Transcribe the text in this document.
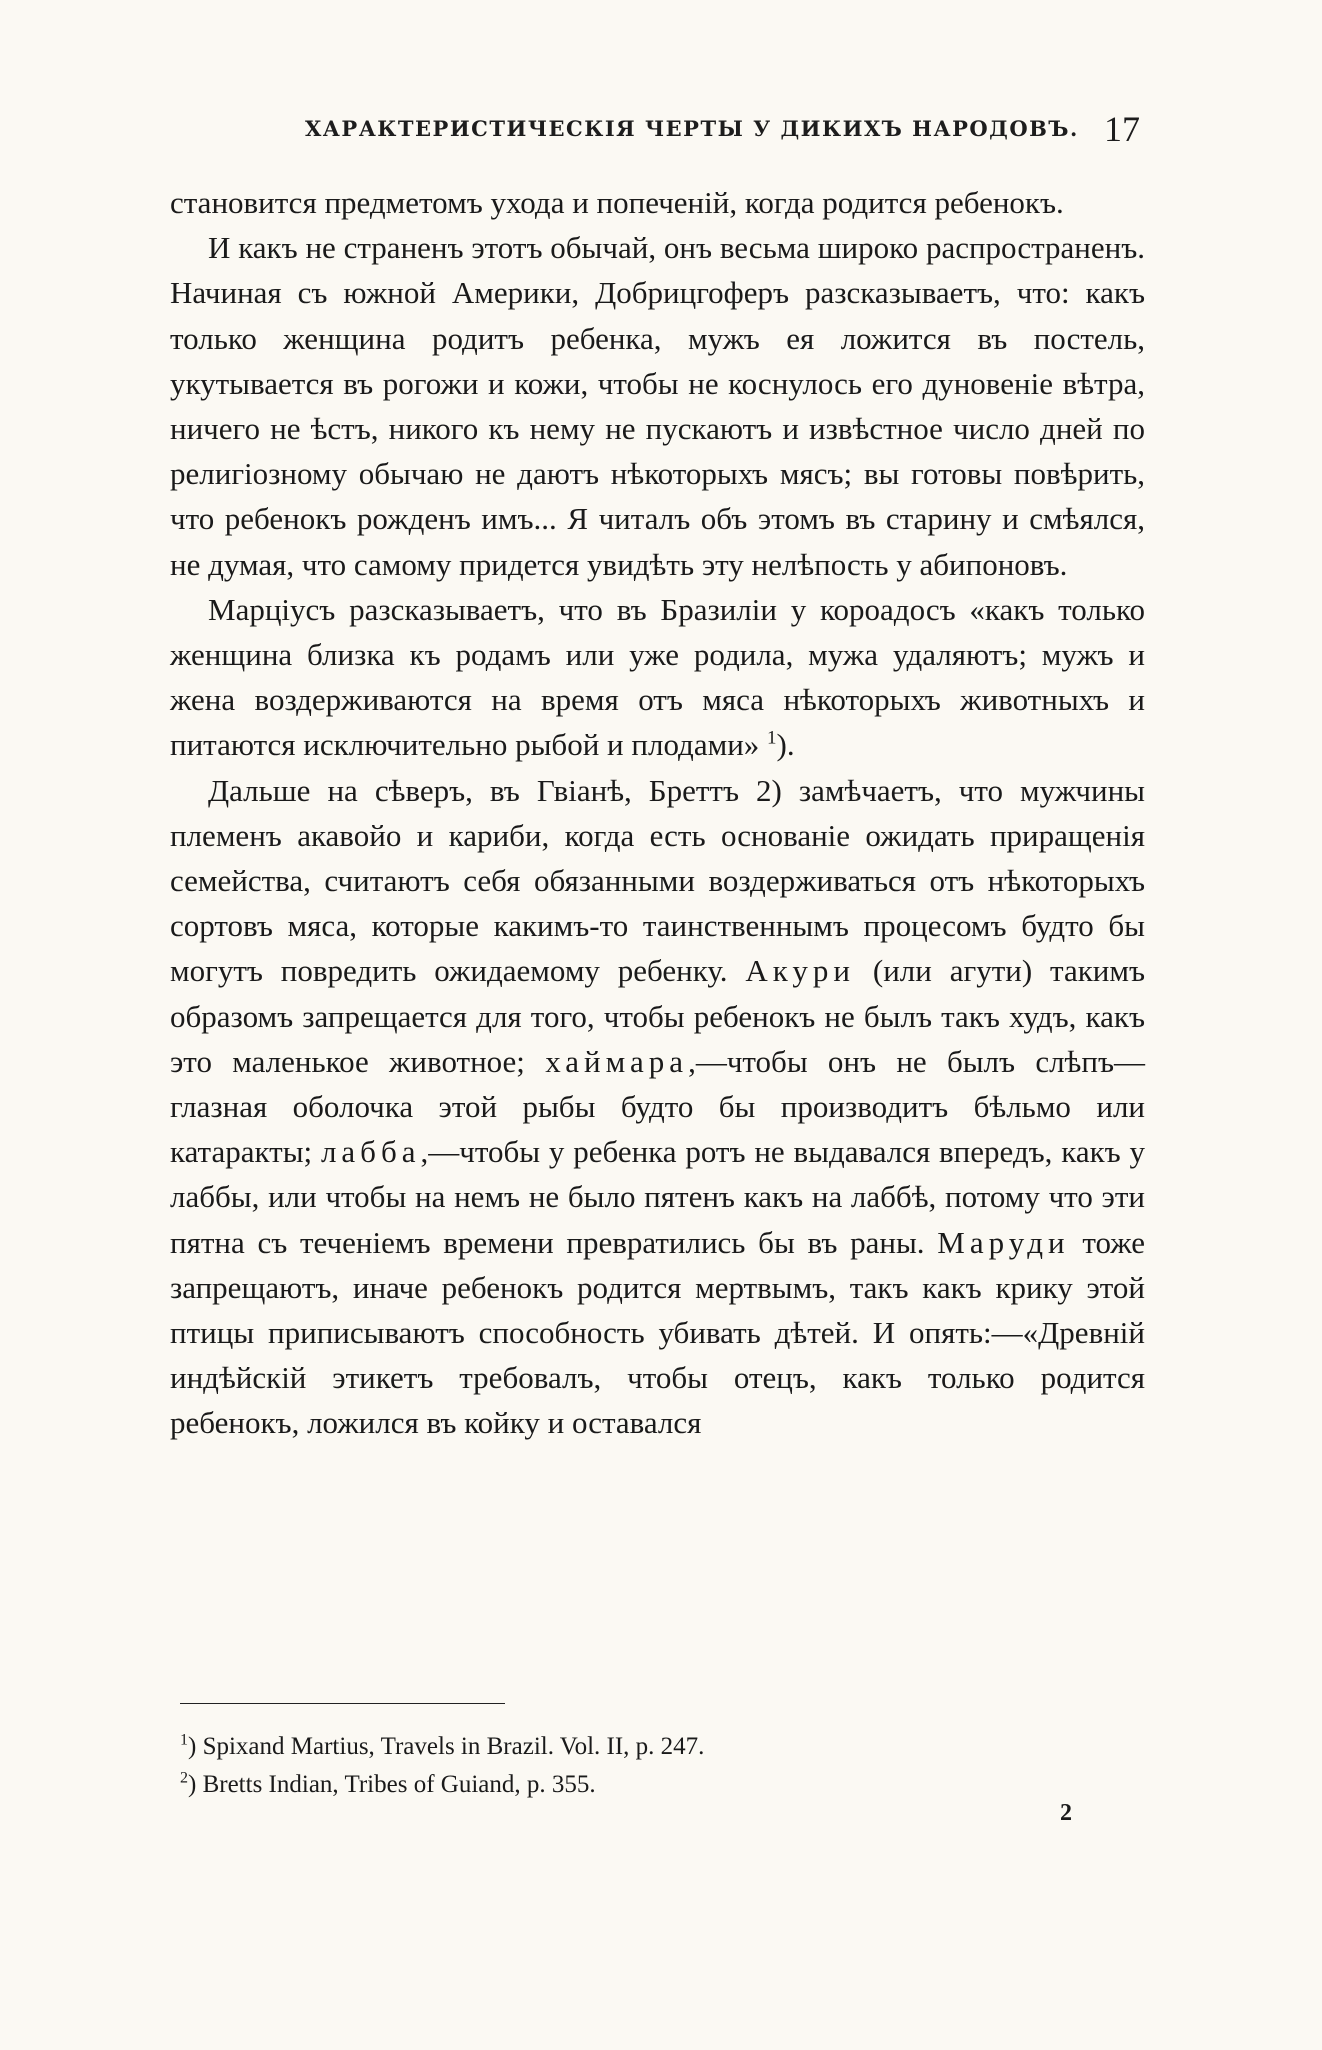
ХАРАКТЕРИСТИЧЕСКІЯ ЧЕРТЫ У ДИКИХЪ НАРОДОВЪ. 17

становится предметомъ ухода и попеченій, когда родится ребенокъ.

И какъ не страненъ этотъ обычай, онъ весьма широко распространенъ. Начиная съ южной Америки, Добрицгоферъ разсказываетъ, что: какъ только женщина родитъ ребенка, мужъ ея ложится въ постель, укутывается въ рогожи и кожи, чтобы не коснулось его дуновеніе вѣтра, ничего не ѣстъ, никого къ нему не пускаютъ и извѣстное число дней по религіозному обычаю не даютъ нѣкоторыхъ мясъ; вы готовы повѣрить, что ребенокъ рожденъ имъ... Я читалъ объ этомъ въ старину и смѣялся, не думая, что самому придется увидѣть эту нелѣпость у абипоновъ.

Марціусъ разсказываетъ, что въ Бразиліи у короадосъ «какъ только женщина близка къ родамъ или уже родила, мужа удаляютъ; мужъ и жена воздерживаются на время отъ мяса нѣкоторыхъ животныхъ и питаются исключительно рыбой и плодами» $^1$).

Дальше на сѣверъ, въ Гвіанѣ, Бреттъ 2) замѣчаетъ, что мужчины племенъ акавойо и кариби, когда есть основаніе ожидать приращенія семейства, считаютъ себя обязанными воздерживаться отъ нѣкоторыхъ сортовъ мяса, которые какимъ-то таинственнымъ процесомъ будто бы могутъ повредить ожидаемому ребенку. Акури (или агути) такимъ образомъ запрещается для того, чтобы ребенокъ не былъ такъ худъ, какъ это маленькое животное; хаймара,—чтобы онъ не былъ слѣпъ—глазная оболочка этой рыбы будто бы производитъ бѣльмо или катаракты; лабба,—чтобы у ребенка ротъ не выдавался впередъ, какъ у лаббы, или чтобы на немъ не было пятенъ какъ на лаббѣ, потому что эти пятна съ теченіемъ времени превратились бы въ раны. Маруди тоже запрещаютъ, иначе ребенокъ родится мертвымъ, такъ какъ крику этой птицы приписываютъ способность убивать дѣтей. И опять:—«Древній индѣйскій этикетъ требовалъ, чтобы отецъ, какъ только родится ребенокъ, ложился въ койку и оставался

$^1$) Spixand Martius, Travels in Brazil. Vol. II, p. 247.
$^2$) Bretts Indian, Tribes of Guiand, p. 355.
2
